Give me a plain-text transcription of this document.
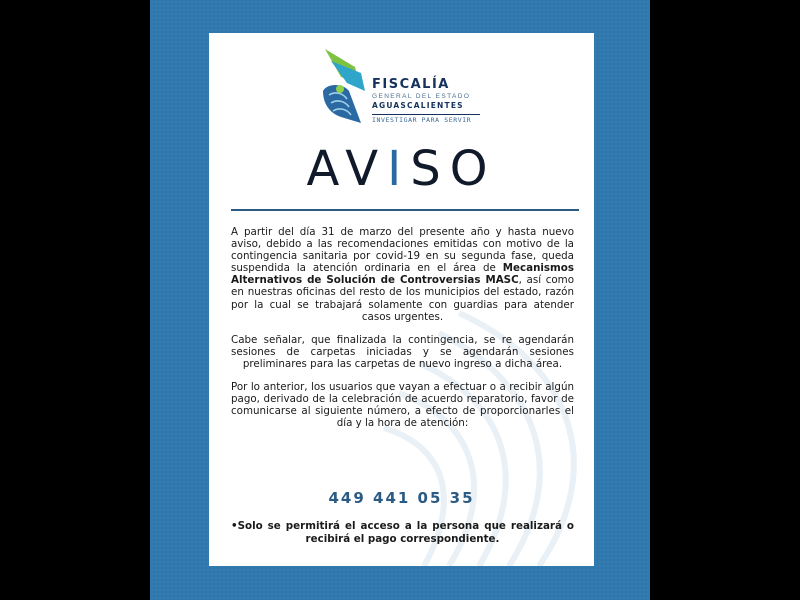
FISCALÍA
GENERAL DEL ESTADO
AGUASCALIENTES
INVESTIGAR PARA SERVIR
AVISO

A partir del día 31 de marzo del presente año y hasta nuevo aviso, debido a las recomendaciones emitidas con motivo de la contingencia sanitaria por covid-19 en su segunda fase, queda suspendida la atención ordinaria en el área de Mecanismos Alternativos de Solución de Controversias MASC, así como en nuestras oficinas del resto de los municipios del estado, razón por la cual se trabajará solamente con guardias para atender casos urgentes.

Cabe señalar, que finalizada la contingencia, se re agendarán sesiones de carpetas iniciadas y se agendarán sesiones preliminares para las carpetas de nuevo ingreso a dicha área.

Por lo anterior, los usuarios que vayan a efectuar o a recibir algún pago, derivado de la celebración de acuerdo reparatorio, favor de comunicarse al siguiente número, a efecto de proporcionarles el día y la hora de atención:

449 441 05 35
•Solo se permitirá el acceso a la persona que realizará o recibirá el pago correspondiente.
